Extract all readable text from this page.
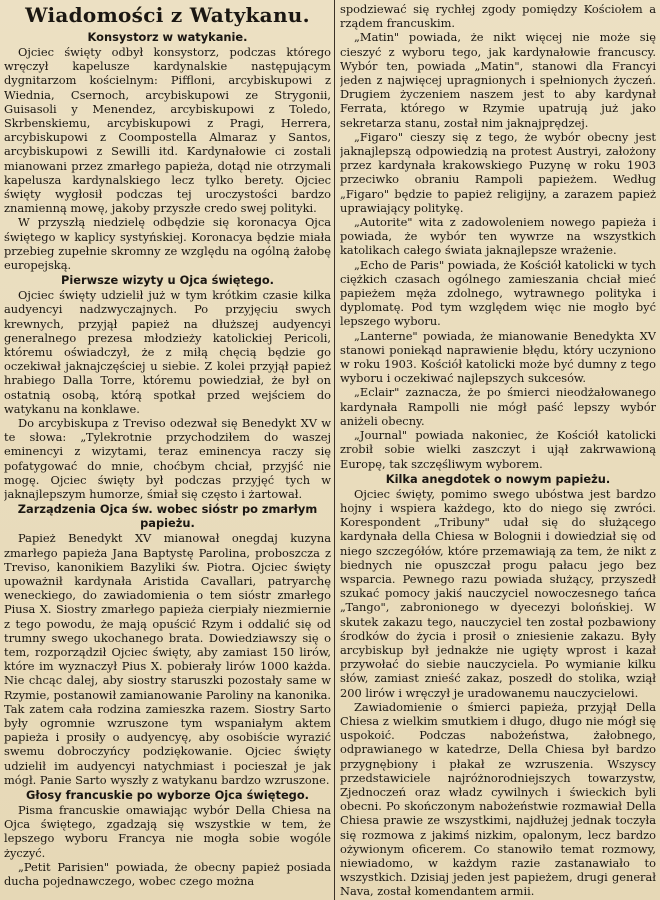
Wiadomości z Watykanu.
Konsystorz w watykanie.

Ojciec święty odbył konsystorz, podczas którego wręczył kapelusze kardynalskie następującym dygnitarzom kościelnym: Piffloni, arcybiskupowi z Wiednia, Csernoch, arcybiskupowi ze Strygonii, Guisasoli y Menendez, arcybiskupowi z Toledo, Skrbenskiemu, arcybiskupowi z Pragi, Herrera, arcybiskupowi z Coompostella Almaraz y Santos, arcybiskupowi z Sewilli itd. Kardynałowie ci zostali mianowani przez zmarłego papieża, dotąd nie otrzymali kapelusza kardynalskiego lecz tylko berety. Ojciec święty wygłosił podczas tej uroczystości bardzo znamienną mowę, jakoby przyszłe credo swej polityki.

W przyszłą niedzielę odbędzie się koronacya Ojca świętego w kaplicy systyńskiej. Koronacya będzie miała przebieg zupełnie skromny ze względu na ogólną żałobę europejską.

Pierwsze wizyty u Ojca świętego.

Ojciec święty udzielił już w tym krótkim czasie kilka audyencyi nadzwyczajnych. Po przyjęciu swych krewnych, przyjął papież na dłuższej audyencyi generalnego prezesa młodzieży katolickiej Pericoli, któremu oświadczył, że z miłą chęcią będzie go oczekiwał jaknajczęściej u siebie. Z kolei przyjął papież hrabiego Dalla Torre, któremu powiedział, że był on ostatnią osobą, którą spotkał przed wejściem do watykanu na konklawe.

Do arcybiskupa z Treviso odezwał się Benedykt XV w te słowa: „Tylekrotnie przychodziłem do waszej eminencyi z wizytami, teraz eminencya raczy się pofatygować do mnie, choćbym chciał, przyjść nie mogę. Ojciec święty był podczas przyjęć tych w jaknajlepszym humorze, śmiał się często i żartował.

Zarządzenia Ojca św. wobec sióstr po zmarłym papieżu.

Papież Benedykt XV mianował onegdaj kuzyna zmarłego papieża Jana Baptystę Parolina, proboszcza z Treviso, kanonikiem Bazyliki św. Piotra. Ojciec święty upoważnił kardynała Aristida Cavallari, patryarchę weneckiego, do zawiadomienia o tem sióstr zmarłego Piusa X. Siostry zmarłego papieża cierpiały niezmiernie z tego powodu, że mają opuścić Rzym i oddalić się od trumny swego ukochanego brata. Dowiedziawszy się o tem, rozporządził Ojciec święty, aby zamiast 150 lirów, które im wyznaczył Pius X. pobierały lirów 1000 każda. Nie chcąc dalej, aby siostry staruszki pozostały same w Rzymie, postanowił zamianowanie Paroliny na kanonika. Tak zatem cała rodzina zamieszka razem. Siostry Sarto były ogromnie wzruszone tym wspaniałym aktem papieża i prosiły o audyencyę, aby osobiście wyrazić swemu dobroczyńcy podziękowanie. Ojciec święty udzielił im audyencyi natychmiast i pocieszał je jak mógł. Panie Sarto wyszły z watykanu bardzo wzruszone.

Głosy francuskie po wyborze Ojca świętego.

Pisma francuskie omawiając wybór Della Chiesa na Ojca świętego, zgadzają się wszystkie w tem, że lepszego wyboru Francya nie mogła sobie wogóle życzyć.

„Petit Parisien" powiada, że obecny papież posiada ducha pojednawczego, wobec czego można

spodziewać się rychłej zgody pomiędzy Kościołem a rządem francuskim.

„Matin" powiada, że nikt więcej nie może się cieszyć z wyboru tego, jak kardynałowie francuscy. Wybór ten, powiada „Matin", stanowi dla Francyi jeden z najwięcej upragnionych i spełnionych życzeń. Drugiem życzeniem naszem jest to aby kardynał Ferrata, którego w Rzymie upatrują już jako sekretarza stanu, został nim jaknajprędzej.

„Figaro" cieszy się z tego, że wybór obecny jest jaknajlepszą odpowiedzią na protest Austryi, założony przez kardynała krakowskiego Puzynę w roku 1903 przeciwko obraniu Rampoli papieżem. Według „Figaro" będzie to papież religijny, a zarazem papież uprawiający politykę.

„Autorite" wita z zadowoleniem nowego papieża i powiada, że wybór ten wywrze na wszystkich katolikach całego świata jaknajlepsze wrażenie.

„Echo de Paris" powiada, że Kościół katolicki w tych ciężkich czasach ogólnego zamieszania chciał mieć papieżem męża zdolnego, wytrawnego polityka i dyplomatę. Pod tym względem więc nie mogło być lepszego wyboru.

„Lanterne" powiada, że mianowanie Benedykta XV stanowi poniekąd naprawienie błędu, który uczyniono w roku 1903. Kościół katolicki może być dumny z tego wyboru i oczekiwać najlepszych sukcesów.

„Eclair" zaznacza, że po śmierci nieodżałowanego kardynała Rampolli nie mógł paść lepszy wybór aniżeli obecny.

„Journal" powiada nakoniec, że Kościół katolicki zrobił sobie wielki zaszczyt i ujął zakrwawioną Europę, tak szczęśliwym wyborem.

Kilka anegdotek o nowym papieżu.

Ojciec święty, pomimo swego ubóstwa jest bardzo hojny i wspiera każdego, kto do niego się zwróci. Korespondent „Tribuny" udał się do służącego kardynała della Chiesa w Bolognii i dowiedział się od niego szczegółów, które przemawiają za tem, że nikt z biednych nie opuszczał progu pałacu jego bez wsparcia. Pewnego razu powiada służący, przyszedł szukać pomocy jakiś nauczyciel nowoczesnego tańca „Tango", zabronionego w dyecezyi bolońskiej. W skutek zakazu tego, nauczyciel ten został pozbawiony środków do życia i prosił o zniesienie zakazu. Były arcybiskup był jednakże nie ugięty wprost i kazał przywołać do siebie nauczyciela. Po wymianie kilku słów, zamiast znieść zakaz, poszedł do stolika, wziął 200 lirów i wręczył je uradowanemu nauczycielowi.

Zawiadomienie o śmierci papieża, przyjął Della Chiesa z wielkim smutkiem i długo, długo nie mógł się uspokoić. Podczas nabożeństwa, żałobnego, odprawianego w katedrze, Della Chiesa był bardzo przygnębiony i płakał ze wzruszenia. Wszyscy przedstawiciele najróżnorodniejszych towarzystw, Zjednoczeń oraz władz cywilnych i świeckich byli obecni. Po skończonym nabożeństwie rozmawiał Della Chiesa prawie ze wszystkimi, najdłużej jednak toczyła się rozmowa z jakimś nizkim, opalonym, lecz bardzo ożywionym oficerem. Co stanowiło temat rozmowy, niewiadomo, w każdym razie zastanawiało to wszystkich. Dzisiaj jeden jest papieżem, drugi generał Nava, został komendantem armii.
